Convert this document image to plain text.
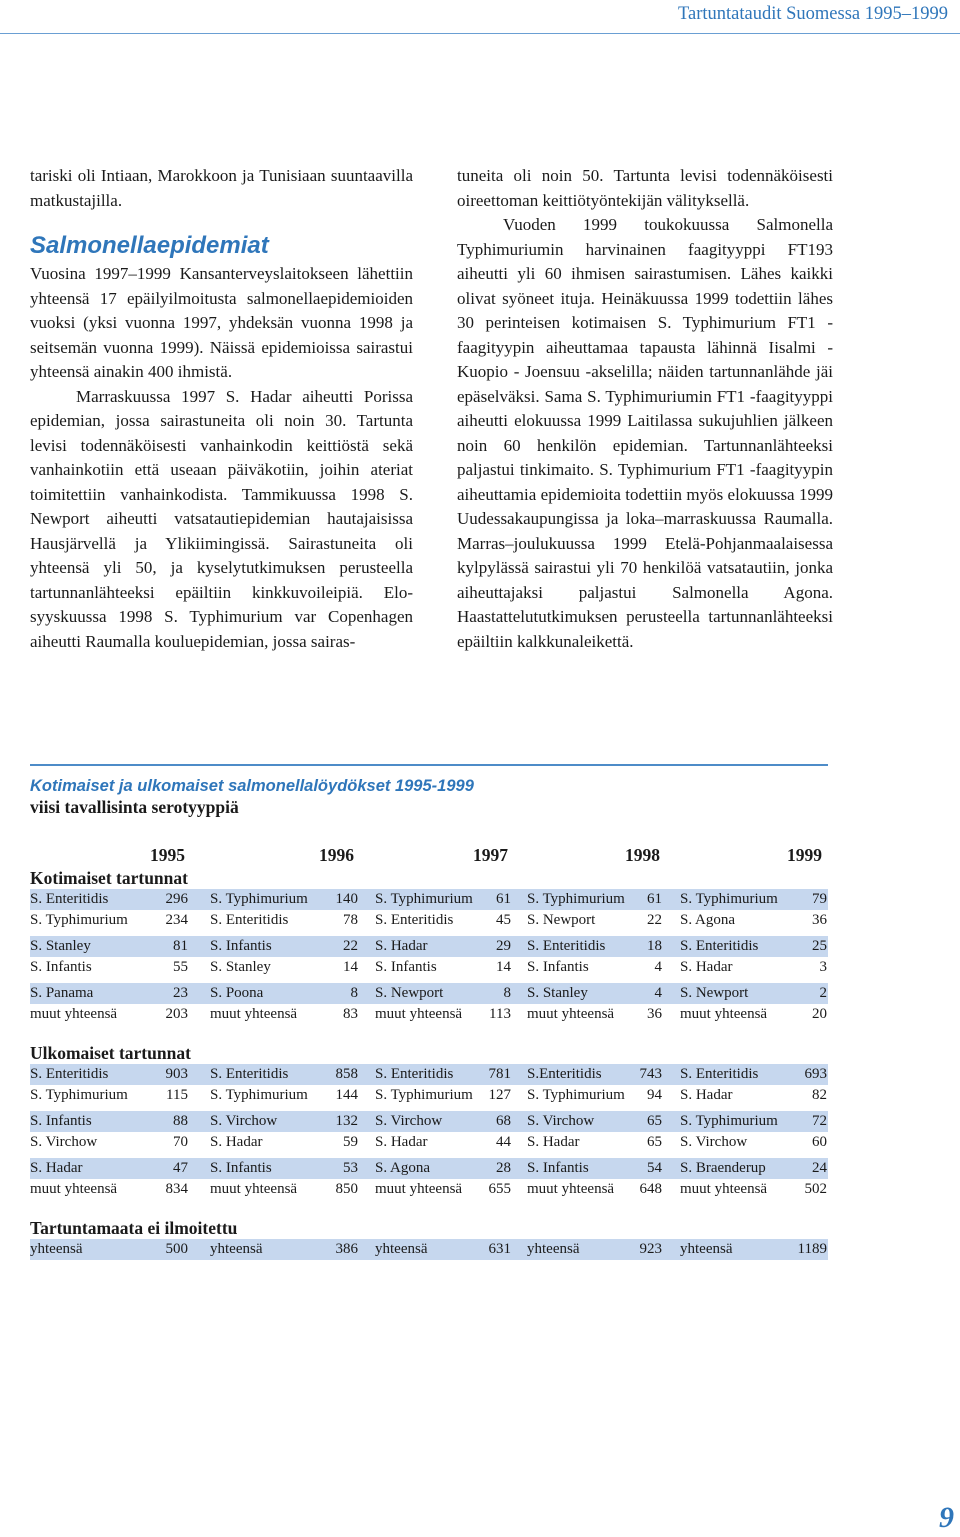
Tartuntataudit Suomessa 1995–1999

tariski oli Intiaan, Marokkoon ja Tunisiaan suuntaavilla matkustajilla.

Salmonellaepidemiat

Vuosina 1997–1999 Kansanterveyslaitokseen lähettiin yhteensä 17 epäilyilmoitusta salmonellaepidemioiden vuoksi (yksi vuonna 1997, yhdeksän vuonna 1998 ja seitsemän vuonna 1999). Näissä epidemioissa sairastui yhteensä ainakin 400 ihmistä.

Marraskuussa 1997 S. Hadar aiheutti Porissa epidemian, jossa sairastuneita oli noin 30. Tartunta levisi todennäköisesti vanhainkodin keittiöstä sekä vanhainkotiin että useaan päiväkotiin, joihin ateriat toimitettiin vanhainkodista. Tammikuussa 1998 S. Newport aiheutti vatsatautiepidemian hautajaisissa Hausjärvellä ja Ylikiimingissä. Sairastuneita oli yhteensä yli 50, ja kyselytutkimuksen perusteella tartunnanlähteeksi epäiltiin kinkkuvoileipiä. Elo-syyskuussa 1998 S. Typhimurium var Copenhagen aiheutti Raumalla kouluepidemian, jossa sairas-

tuneita oli noin 50. Tartunta levisi todennäköisesti oireettoman keittiötyöntekijän välityksellä.

Vuoden 1999 toukokuussa Salmonella Typhimuriumin harvinainen faagityyppi FT193 aiheutti yli 60 ihmisen sairastumisen. Lähes kaikki olivat syöneet ituja. Heinäkuussa 1999 todettiin lähes 30 perinteisen kotimaisen S. Typhimurium FT1 -faagityypin aiheuttamaa tapausta lähinnä Iisalmi - Kuopio - Joensuu -akselilla; näiden tartunnanlähde jäi epäselväksi. Sama S. Typhimuriumin FT1 -faagityyppi aiheutti elokuussa 1999 Laitilassa sukujuhlien jälkeen noin 60 henkilön epidemian. Tartunnanlähteeksi paljastui tinkimaito. S. Typhimurium FT1 -faagityypin aiheuttamia epidemioita todettiin myös elokuussa 1999 Uudessakaupungissa ja loka–marraskuussa Raumalla. Marras–joulukuussa 1999 Etelä-Pohjanmaalaisessa kylpylässä sairastui yli 70 henkilöä vatsatautiin, jonka aiheuttajaksi paljastui Salmonella Agona. Haastattelututkimuksen perusteella tartunnanlähteeksi epäiltiin kalkkunaleikettä.

Kotimaiset ja ulkomaiset salmonellalöydökset 1995-1999
viisi tavallisinta serotyyppiä
1995	1996	1997	1998	1999
Kotimaiset tartunnat
S. Enteritidis	296 S. Typhimurium	140 S. Typhimurium	61 S. Typhimurium	61 S. Typhimurium	79
S. Typhimurium	234 S. Enteritidis	78 S. Enteritidis	45 S. Newport	22 S. Agona	36
S. Stanley	81 S. Infantis	22 S. Hadar	29 S. Enteritidis	18 S. Enteritidis	25
S. Infantis	55 S. Stanley	14 S. Infantis	14 S. Infantis	4 S. Hadar	3
S. Panama	23 S. Poona	8 S. Newport	8 S. Stanley	4 S. Newport	2
muut yhteensä	203 muut yhteensä	83 muut yhteensä	113 muut yhteensä	36 muut yhteensä	20
Ulkomaiset tartunnat
S. Enteritidis	903 S. Enteritidis	858 S. Enteritidis	781 S.Enteritidis	743 S. Enteritidis	693
S. Typhimurium	115 S. Typhimurium	144 S. Typhimurium	127 S. Typhimurium	94 S. Hadar	82
S. Infantis	88 S. Virchow	132 S. Virchow	68 S. Virchow	65 S. Typhimurium	72
S. Virchow	70 S. Hadar	59 S. Hadar	44 S. Hadar	65 S. Virchow	60
S. Hadar	47 S. Infantis	53 S. Agona	28 S. Infantis	54 S. Braenderup	24
muut yhteensä	834 muut yhteensä	850 muut yhteensä	655 muut yhteensä	648 muut yhteensä	502
Tartuntamaata ei ilmoitettu
yhteensä	500 yhteensä	386 yhteensä	631 yhteensä	923 yhteensä	1189
9
